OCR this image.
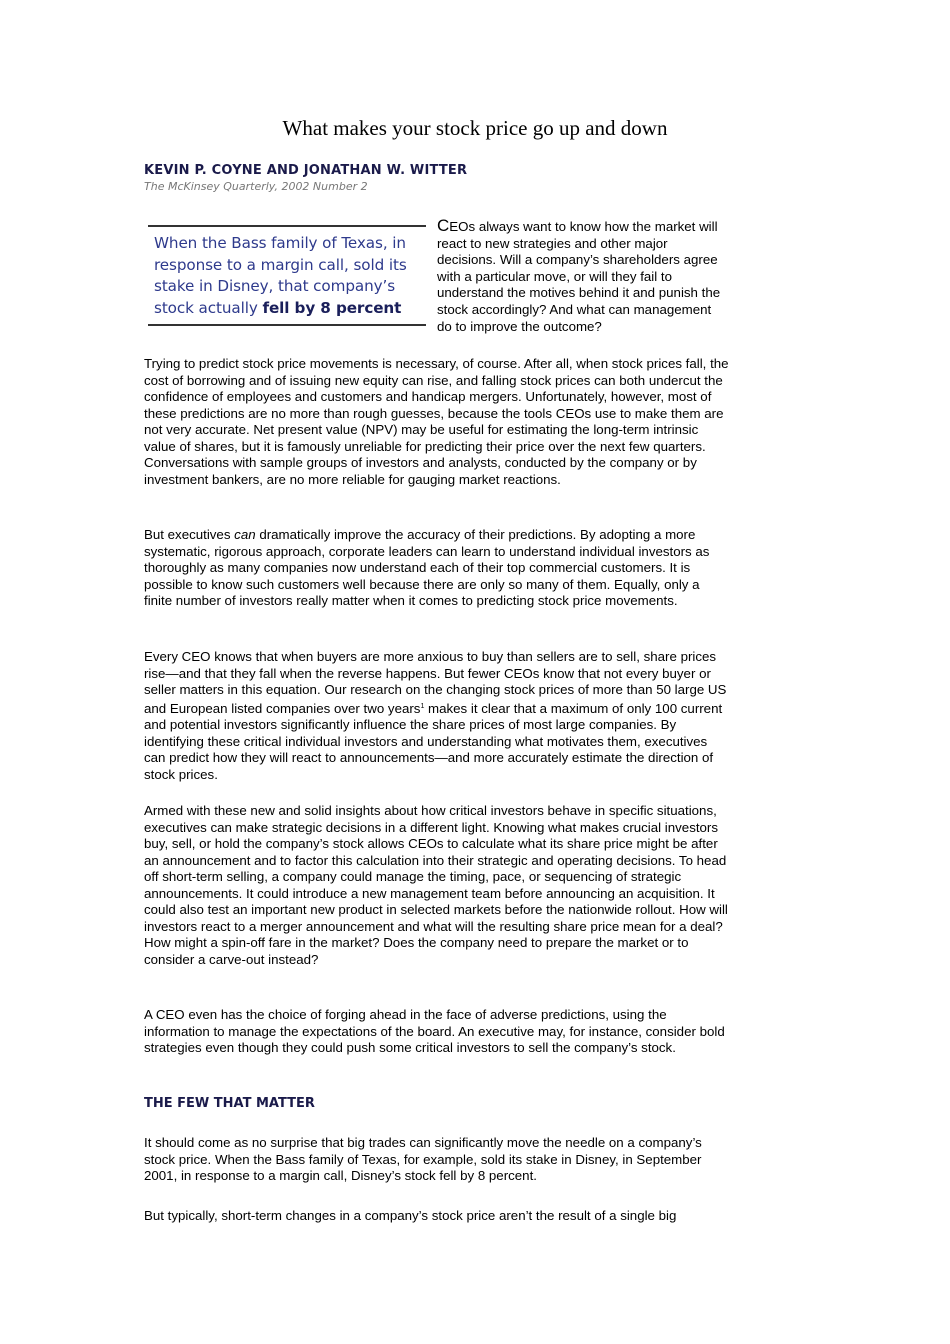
What makes your stock price go up and down
KEVIN P. COYNE AND JONATHAN W. WITTER
The McKinsey Quarterly, 2002 Number 2
When the Bass family of Texas, in response to a margin call, sold its stake in Disney, that company’s stock actually fell by 8 percent
CEOs always want to know how the market will react to new strategies and other major decisions. Will a company’s shareholders agree with a particular move, or will they fail to understand the motives behind it and punish the stock accordingly? And what can management do to improve the outcome?

Trying to predict stock price movements is necessary, of course. After all, when stock prices fall, the cost of borrowing and of issuing new equity can rise, and falling stock prices can both undercut the confidence of employees and customers and handicap mergers. Unfortunately, however, most of these predictions are no more than rough guesses, because the tools CEOs use to make them are not very accurate. Net present value (NPV) may be useful for estimating the long-term intrinsic value of shares, but it is famously unreliable for predicting their price over the next few quarters. Conversations with sample groups of investors and analysts, conducted by the company or by investment bankers, are no more reliable for gauging market reactions.

But executives can dramatically improve the accuracy of their predictions. By adopting a more systematic, rigorous approach, corporate leaders can learn to understand individual investors as thoroughly as many companies now understand each of their top commercial customers. It is possible to know such customers well because there are only so many of them. Equally, only a finite number of investors really matter when it comes to predicting stock price movements.

Every CEO knows that when buyers are more anxious to buy than sellers are to sell, share prices rise—and that they fall when the reverse happens. But fewer CEOs know that not every buyer or seller matters in this equation. Our research on the changing stock prices of more than 50 large US and European listed companies over two years$^1$ makes it clear that a maximum of only 100 current and potential investors significantly influence the share prices of most large companies. By identifying these critical individual investors and understanding what motivates them, executives can predict how they will react to announcements—and more accurately estimate the direction of stock prices.

Armed with these new and solid insights about how critical investors behave in specific situations, executives can make strategic decisions in a different light. Knowing what makes crucial investors buy, sell, or hold the company’s stock allows CEOs to calculate what its share price might be after an announcement and to factor this calculation into their strategic and operating decisions. To head off short-term selling, a company could manage the timing, pace, or sequencing of strategic announcements. It could introduce a new management team before announcing an acquisition. It could also test an important new product in selected markets before the nationwide rollout. How will investors react to a merger announcement and what will the resulting share price mean for a deal? How might a spin-off fare in the market? Does the company need to prepare the market or to consider a carve-out instead?

A CEO even has the choice of forging ahead in the face of adverse predictions, using the information to manage the expectations of the board. An executive may, for instance, consider bold strategies even though they could push some critical investors to sell the company’s stock.

THE FEW THAT MATTER

It should come as no surprise that big trades can significantly move the needle on a company’s stock price. When the Bass family of Texas, for example, sold its stake in Disney, in September 2001, in response to a margin call, Disney’s stock fell by 8 percent.

But typically, short-term changes in a company’s stock price aren’t the result of a single big
